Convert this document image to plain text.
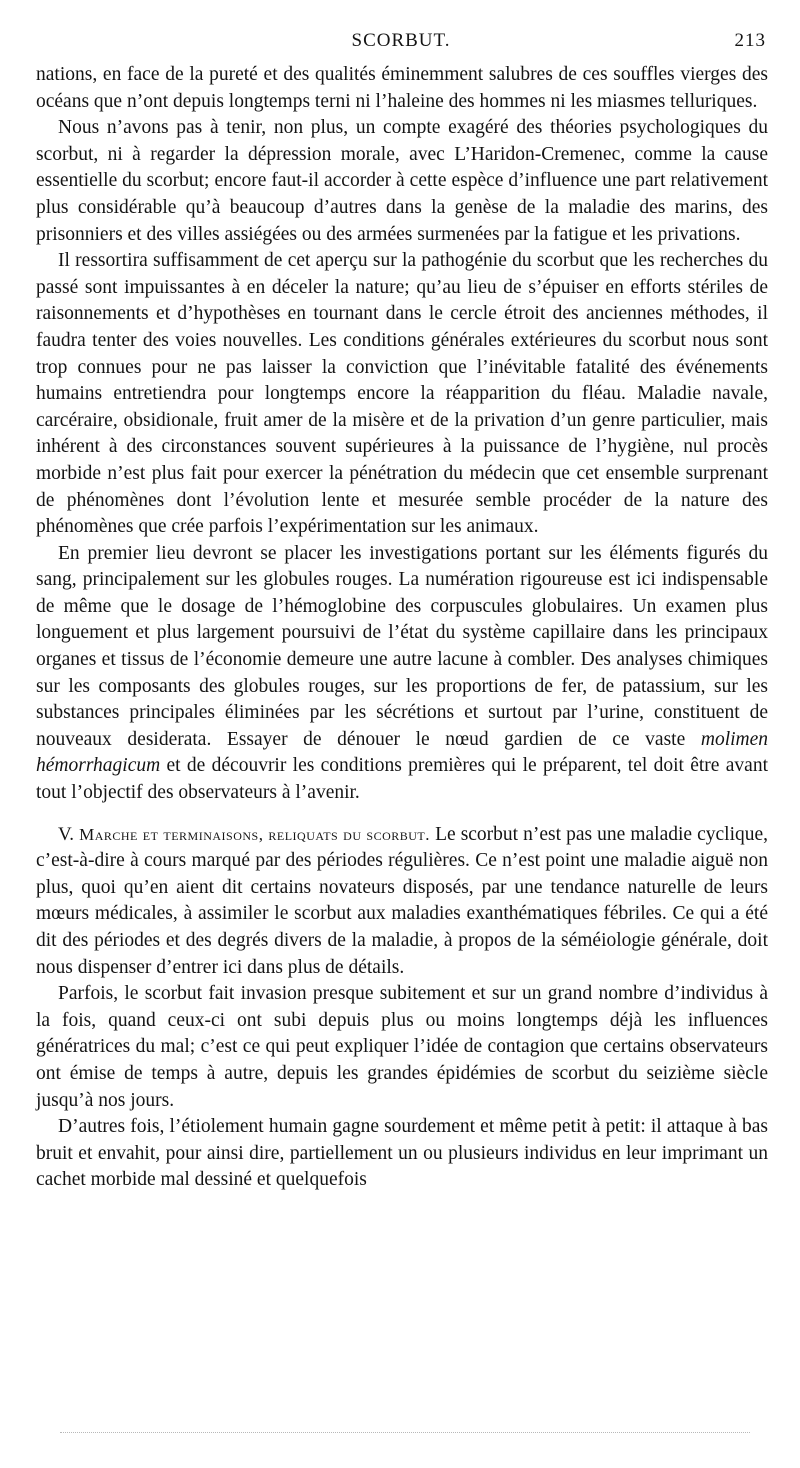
SCORBUT.	213

nations, en face de la pureté et des qualités éminemment salubres de ces souffles vierges des océans que n’ont depuis longtemps terni ni l’haleine des hommes ni les miasmes telluriques.

Nous n’avons pas à tenir, non plus, un compte exagéré des théories psychologiques du scorbut, ni à regarder la dépression morale, avec L’Haridon-Cremenec, comme la cause essentielle du scorbut; encore faut-il accorder à cette espèce d’influence une part relativement plus considérable qu’à beaucoup d’autres dans la genèse de la maladie des marins, des prisonniers et des villes assiégées ou des armées surmenées par la fatigue et les privations.

Il ressortira suffisamment de cet aperçu sur la pathogénie du scorbut que les recherches du passé sont impuissantes à en déceler la nature; qu’au lieu de s’épuiser en efforts stériles de raisonnements et d’hypothèses en tournant dans le cercle étroit des anciennes méthodes, il faudra tenter des voies nouvelles. Les conditions générales extérieures du scorbut nous sont trop connues pour ne pas laisser la conviction que l’inévitable fatalité des événements humains entretiendra pour longtemps encore la réapparition du fléau. Maladie navale, carcéraire, obsidionale, fruit amer de la misère et de la privation d’un genre particulier, mais inhérent à des circonstances souvent supérieures à la puissance de l’hygiène, nul procès morbide n’est plus fait pour exercer la pénétration du médecin que cet ensemble surprenant de phénomènes dont l’évolution lente et mesurée semble procéder de la nature des phénomènes que crée parfois l’expérimentation sur les animaux.

En premier lieu devront se placer les investigations portant sur les éléments figurés du sang, principalement sur les globules rouges. La numération rigoureuse est ici indispensable de même que le dosage de l’hémoglobine des corpuscules globulaires. Un examen plus longuement et plus largement poursuivi de l’état du système capillaire dans les principaux organes et tissus de l’économie demeure une autre lacune à combler. Des analyses chimiques sur les composants des globules rouges, sur les proportions de fer, de patassium, sur les substances principales éliminées par les sécrétions et surtout par l’urine, constituent de nouveaux desiderata. Essayer de dénouer le nœud gardien de ce vaste molimen hémorrhagicum et de découvrir les conditions premières qui le préparent, tel doit être avant tout l’objectif des observateurs à l’avenir.

V. Marche et terminaisons, reliquats du scorbut. Le scorbut n’est pas une maladie cyclique, c’est-à-dire à cours marqué par des périodes régulières. Ce n’est point une maladie aiguë non plus, quoi qu’en aient dit certains novateurs disposés, par une tendance naturelle de leurs mœurs médicales, à assimiler le scorbut aux maladies exanthématiques fébriles. Ce qui a été dit des périodes et des degrés divers de la maladie, à propos de la séméiologie générale, doit nous dispenser d’entrer ici dans plus de détails.

Parfois, le scorbut fait invasion presque subitement et sur un grand nombre d’individus à la fois, quand ceux-ci ont subi depuis plus ou moins longtemps déjà les influences génératrices du mal; c’est ce qui peut expliquer l’idée de contagion que certains observateurs ont émise de temps à autre, depuis les grandes épidémies de scorbut du seizième siècle jusqu’à nos jours.

D’autres fois, l’étiolement humain gagne sourdement et même petit à petit: il attaque à bas bruit et envahit, pour ainsi dire, partiellement un ou plusieurs individus en leur imprimant un cachet morbide mal dessiné et quelquefois
